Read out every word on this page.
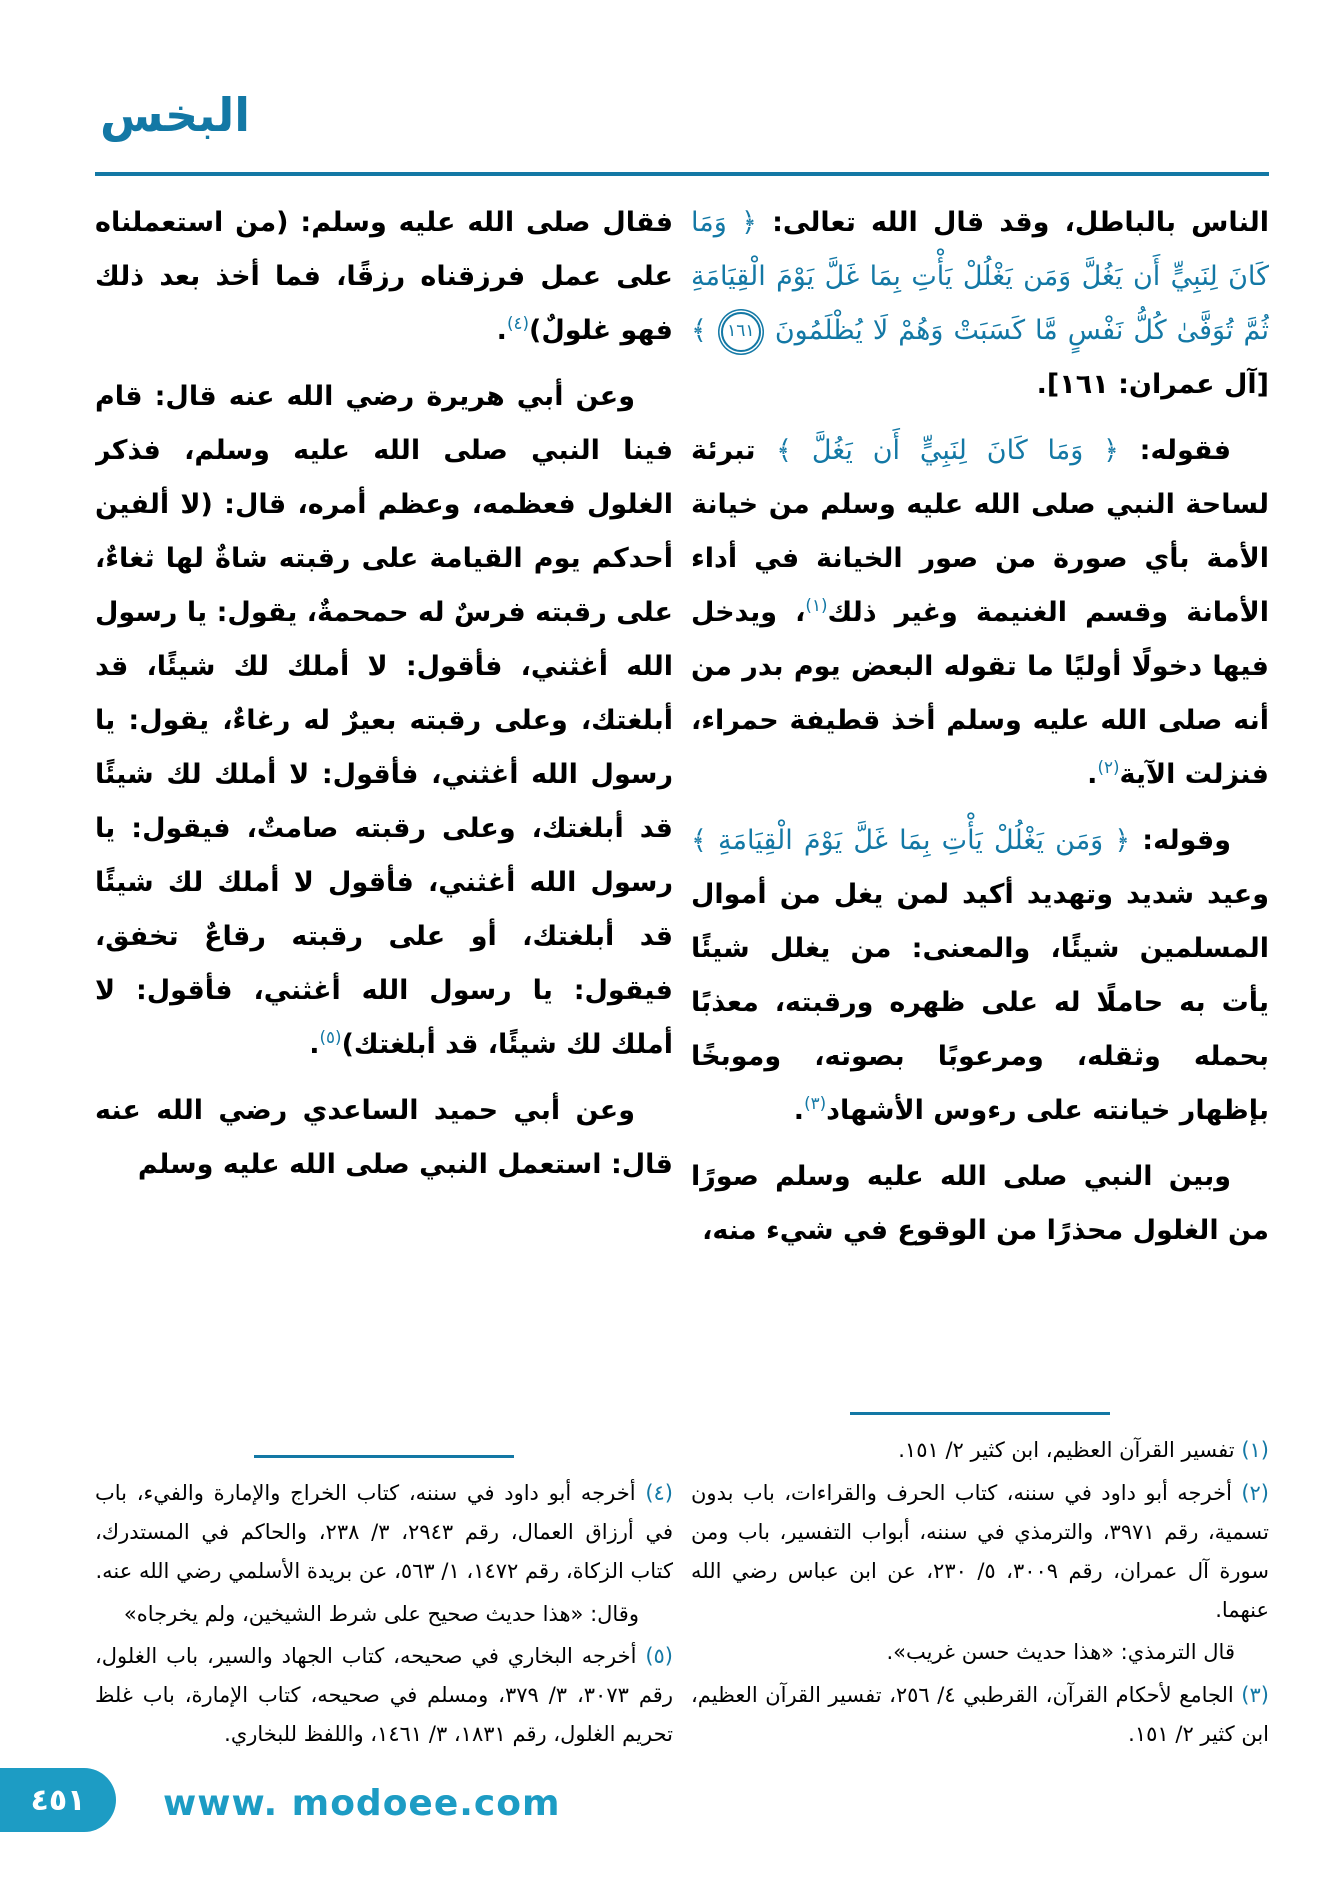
البخس

الناس بالباطل، وقد قال الله تعالى: ﴿ وَمَا كَانَ لِنَبِيٍّ أَن يَغُلَّ وَمَن يَغْلُلْ يَأْتِ بِمَا غَلَّ يَوْمَ الْقِيَامَةِ ثُمَّ تُوَفَّىٰ كُلُّ نَفْسٍ مَّا كَسَبَتْ وَهُمْ لَا يُظْلَمُونَ ١٦١ ﴾ [آل عمران: ١٦١].

فقوله: ﴿ وَمَا كَانَ لِنَبِيٍّ أَن يَغُلَّ ﴾ تبرئة لساحة النبي صلى الله عليه وسلم من خيانة الأمة بأي صورة من صور الخيانة في أداء الأمانة وقسم الغنيمة وغير ذلك$^{(١)}$، ويدخل فيها دخولًا أوليًا ما تقوله البعض يوم بدر من أنه صلى الله عليه وسلم أخذ قطيفة حمراء، فنزلت الآية$^{(٢)}$.

وقوله: ﴿ وَمَن يَغْلُلْ يَأْتِ بِمَا غَلَّ يَوْمَ الْقِيَامَةِ ﴾ وعيد شديد وتهديد أكيد لمن يغل من أموال المسلمين شيئًا، والمعنى: من يغلل شيئًا يأت به حاملًا له على ظهره ورقبته، معذبًا بحمله وثقله، ومرعوبًا بصوته، وموبخًا بإظهار خيانته على رءوس الأشهاد$^{(٣)}$.

وبين النبي صلى الله عليه وسلم صورًا من الغلول محذرًا من الوقوع في شيء منه،

(١) تفسير القرآن العظيم، ابن كثير ٢/ ١٥١.
(٢) أخرجه أبو داود في سننه، كتاب الحرف والقراءات، باب بدون تسمية، رقم ٣٩٧١، والترمذي في سننه، أبواب التفسير، باب ومن سورة آل عمران، رقم ٣٠٠٩، ٥/ ٢٣٠، عن ابن عباس رضي الله عنهما.
قال الترمذي: «هذا حديث حسن غريب».
(٣) الجامع لأحكام القرآن، القرطبي ٤/ ٢٥٦، تفسير القرآن العظيم، ابن كثير ٢/ ١٥١.

فقال صلى الله عليه وسلم: (من استعملناه على عمل فرزقناه رزقًا، فما أخذ بعد ذلك فهو غلولٌ)$^{(٤)}$.

وعن أبي هريرة رضي الله عنه قال: قام فينا النبي صلى الله عليه وسلم، فذكر الغلول فعظمه، وعظم أمره، قال: (لا ألفين أحدكم يوم القيامة على رقبته شاةٌ لها ثغاءٌ، على رقبته فرسٌ له حمحمةٌ، يقول: يا رسول الله أغثني، فأقول: لا أملك لك شيئًا، قد أبلغتك، وعلى رقبته بعيرٌ له رغاءٌ، يقول: يا رسول الله أغثني، فأقول: لا أملك لك شيئًا قد أبلغتك، وعلى رقبته صامتٌ، فيقول: يا رسول الله أغثني، فأقول لا أملك لك شيئًا قد أبلغتك، أو على رقبته رقاعٌ تخفق، فيقول: يا رسول الله أغثني، فأقول: لا أملك لك شيئًا، قد أبلغتك)$^{(٥)}$.

وعن أبي حميد الساعدي رضي الله عنه قال: استعمل النبي صلى الله عليه وسلم

(٤) أخرجه أبو داود في سننه، كتاب الخراج والإمارة والفيء، باب في أرزاق العمال، رقم ٢٩٤٣، ٣/ ٢٣٨، والحاكم في المستدرك، كتاب الزكاة، رقم ١٤٧٢، ١/ ٥٦٣، عن بريدة الأسلمي رضي الله عنه.
وقال: «هذا حديث صحيح على شرط الشيخين، ولم يخرجاه»
(٥) أخرجه البخاري في صحيحه، كتاب الجهاد والسير، باب الغلول، رقم ٣٠٧٣، ٣/ ٣٧٩، ومسلم في صحيحه، كتاب الإمارة، باب غلظ تحريم الغلول، رقم ١٨٣١، ٣/ ١٤٦١، واللفظ للبخاري.
٤٥١ www. modoee.com
